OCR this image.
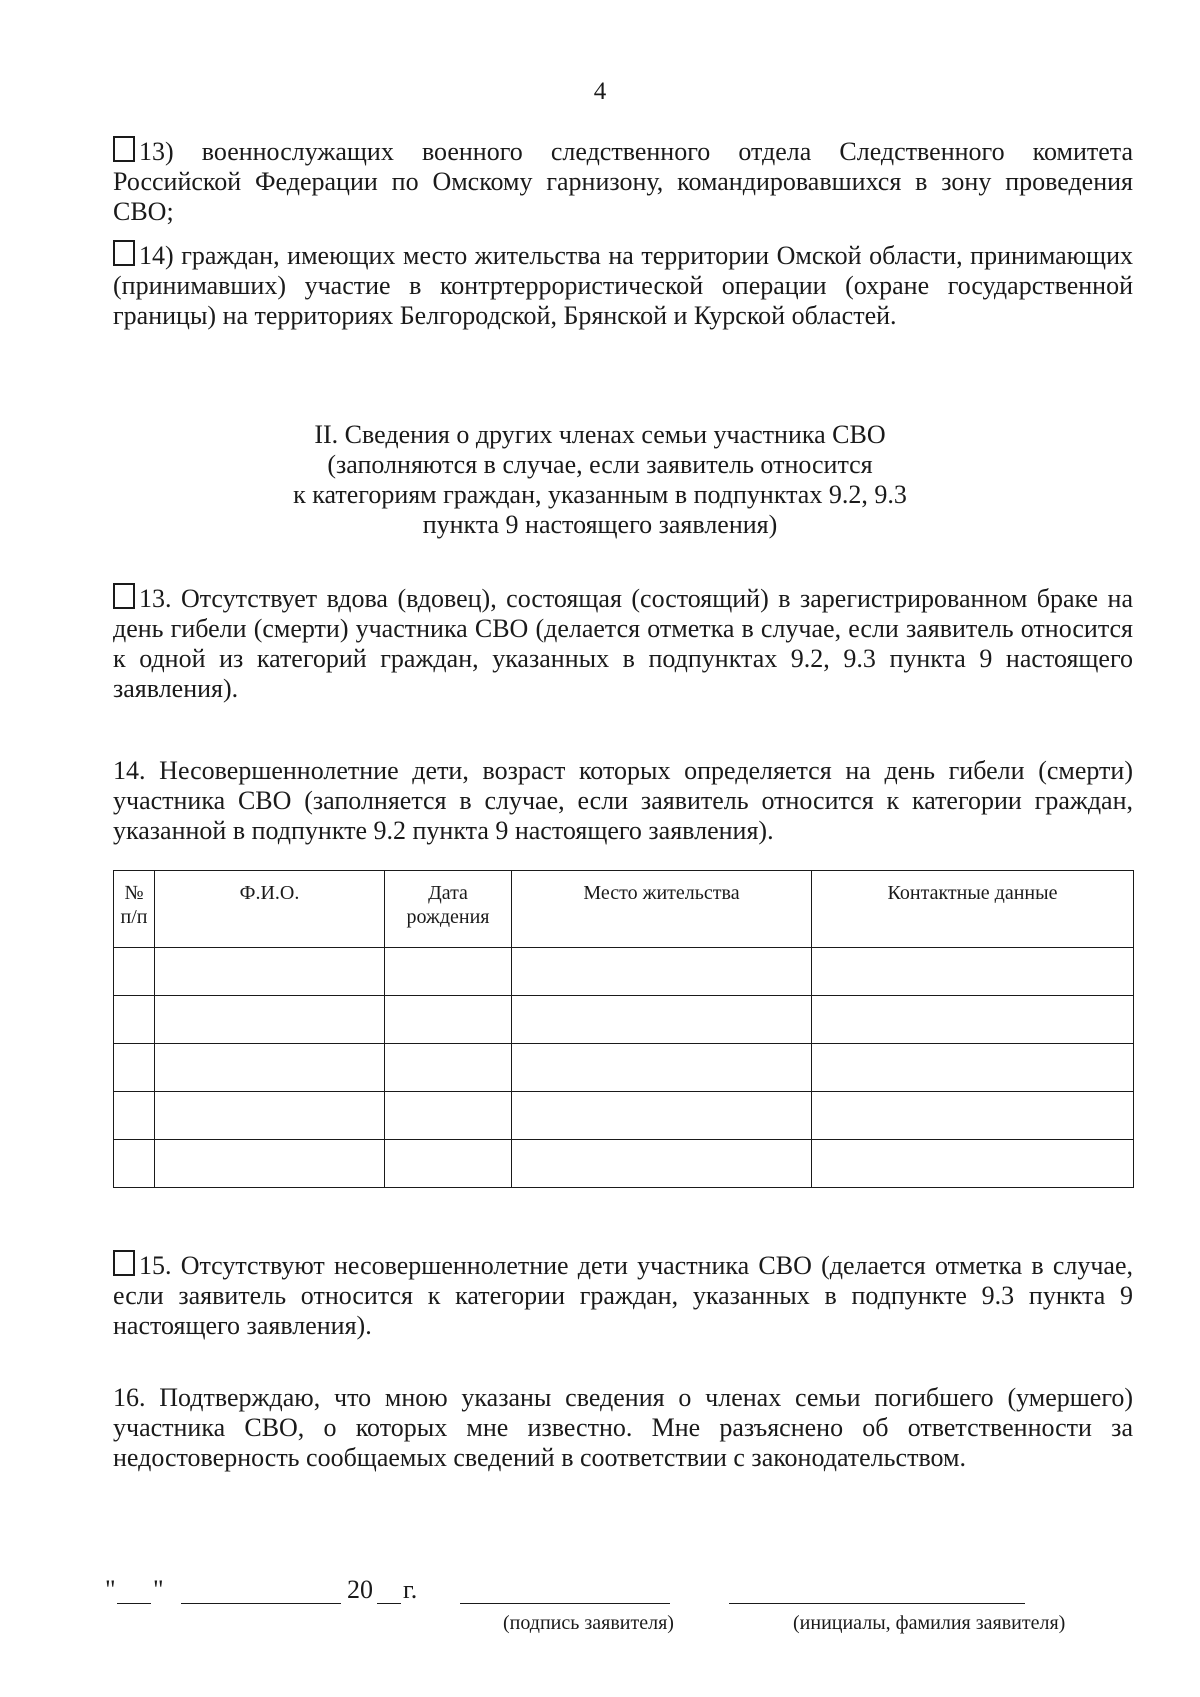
4
13) военнослужащих военного следственного отдела Следственного комитета Российской Федерации по Омскому гарнизону, командировавшихся в зону проведения СВО;
14) граждан, имеющих место жительства на территории Омской области, принимающих (принимавших) участие в контртеррористической операции (охране государственной границы) на территориях Белгородской, Брянской и Курской областей.
II. Сведения о других членах семьи участника СВО
(заполняются в случае, если заявитель относится
к категориям граждан, указанным в подпунктах 9.2, 9.3
пункта 9 настоящего заявления)
13. Отсутствует вдова (вдовец), состоящая (состоящий) в зарегистрированном браке на день гибели (смерти) участника СВО (делается отметка в случае, если заявитель относится к одной из категорий граждан, указанных в подпунктах 9.2, 9.3 пункта 9 настоящего заявления).
14. Несовершеннолетние дети, возраст которых определяется на день гибели (смерти) участника СВО (заполняется в случае, если заявитель относится к категории граждан, указанной в подпункте 9.2 пункта 9 настоящего заявления).
№ п/п	Ф.И.О.	Дата рождения	Место жительства	Контактные данные

15. Отсутствуют несовершеннолетние дети участника СВО (делается отметка в случае, если заявитель относится к категории граждан, указанных в подпункте 9.3 пункта 9 настоящего заявления).
16. Подтверждаю, что мною указаны сведения о членах семьи погибшего (умершего) участника СВО, о которых мне известно. Мне разъяснено об ответственности за недостоверность сообщаемых сведений в соответствии с законодательством.
" "	20 г.
(подпись заявителя)	(инициалы, фамилия заявителя)
